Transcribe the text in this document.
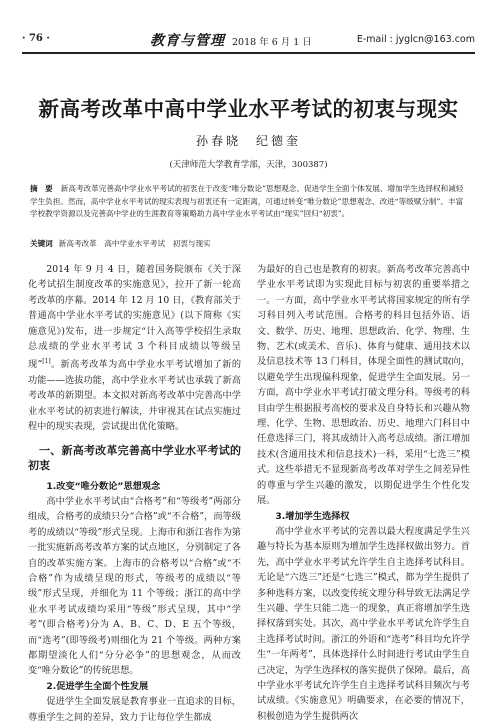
· 76 ·	教育与管理 2018 年 6 月 1 日	E-mail : jyglcn@163.com
新高考改革中高中学业水平考试的初衷与现实
孙春晓　纪德奎
(天津师范大学教育学部，天津，300387)
摘　要 新高考改革完善高中学业水平考试的初衷在于改变“唯分数论”思想观念、促进学生全面个体发展、增加学生选择权和减轻学生负担。然而，高中学业水平考试的现实表现与初衷还有一定距离，可通过转变“唯分数论”思想观念、改进“等级赋分制”、丰富学校教学资源以及完善高中学业的生涯教育等策略助力高中学业水平考试由“现实”回归“初衷”。
关键词 新高考改革　高中学业水平考试　初衷与现实

2014 年 9 月 4 日，随着国务院颁布《关于深化考试招生制度改革的实施意见》，拉开了新一轮高考改革的序幕。2014 年 12 月 10 日，《教育部关于普通高中学业水平考试的实施意见》(以下简称《实施意见》)发布，进一步规定“计入高等学校招生录取总成绩的学业水平考试 3 个科目成绩以等级呈现”[1]。新高考改革为高中学业水平考试增加了新的功能——选拔功能，高中学业水平考试也承载了新高考改革的新期望。本文拟对新高考改革中完善高中学业水平考试的初衷进行解读，并审视其在试点实施过程中的现实表现，尝试提出优化策略。

一、新高考改革完善高中学业水平考试的初衷
1.改变“唯分数论”思想观念

高中学业水平考试由“合格考”和“等级考”两部分组成，合格考的成绩只分“合格”或“不合格”，而等级考的成绩以“等级”形式呈现。上海市和浙江省作为第一批实施新高考改革方案的试点地区，分别制定了各自的改革实施方案。上海市的合格考以“合格”或“不合格”作为成绩呈现的形式，等级考的成绩以“等级”形式呈现，并细化为 11 个等级；浙江的高中学业水平考试成绩均采用“等级”形式呈现，其中“学考”(即合格考)分为 A、B、C、D、E 五个等级，而“选考”(即等级考)则细化为 21 个等级。两种方案都期望淡化人们“分分必争”的思想观念，从而改变“唯分数论”的传统思想。

2.促进学生全面个性发展

促进学生全面发展是教育事业一直追求的目标，尊重学生之间的差异，致力于让每位学生都成

为最好的自己也是教育的初衷。新高考改革完善高中学业水平考试即为实现此目标与初衷的重要举措之一。一方面，高中学业水平考试将国家规定的所有学习科目列入考试范围。合格考的科目包括外语、语文、数学、历史、地理、思想政治、化学、物理、生物、艺术(或美术、音乐)、体育与健康、通用技术以及信息技术等 13 门科目，体现全面性的测试取向，以避免学生出现偏科现象，促进学生全面发展。另一方面，高中学业水平考试打破文理分科。等级考的科目由学生根据报考高校的要求及自身特长和兴趣从物理、化学、生物、思想政治、历史、地理六门科目中任意选择三门，将其成绩计入高考总成绩。浙江增加技术(含通用技术和信息技术)一科，采用“七选三”模式。这些举措无不显现新高考改革对学生之间差异性的尊重与学生兴趣的激发，以期促进学生个性化发展。

3.增加学生选择权

高中学业水平考试的完善以最大程度满足学生兴趣与特长为基本原则为增加学生选择权做出努力。首先，高中学业水平考试允许学生自主选择考试科目。无论是“六选三”还是“七选三”模式，都为学生提供了多种选科方案，以改变传统文理分科导致无法满足学生兴趣、学生只能二选一的现象，真正将增加学生选择权落到实处。其次，高中学业水平考试允许学生自主选择考试时间。浙江的外语和“选考”科目均允许学生“一年两考”，具体选择什么时间进行考试由学生自己决定，为学生选择权的落实提供了保障。最后，高中学业水平考试允许学生自主选择考试科目频次与考试成绩。《实施意见》明确要求，在必要的情况下，积极创造为学生提供两次
